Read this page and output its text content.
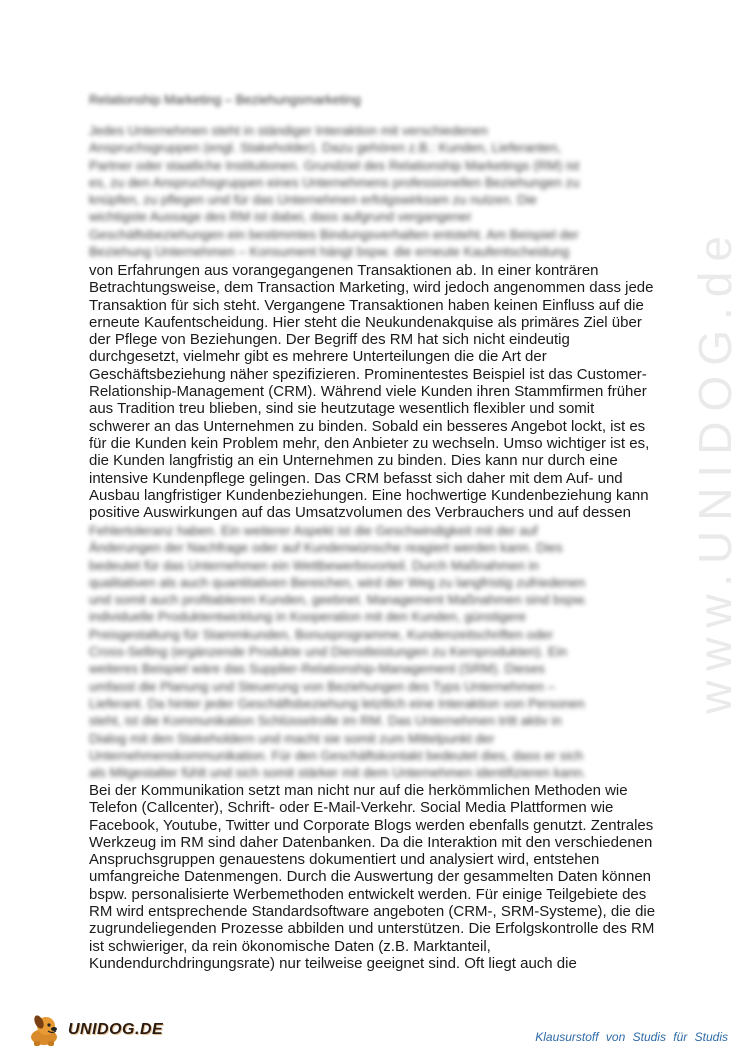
www.UNIDOG.de
Relationship Marketing – Beziehungsmarketing
Jedes Unternehmen steht in ständiger Interaktion mit verschiedenen
Anspruchsgruppen (engl. Stakeholder). Dazu gehören z.B.: Kunden, Lieferanten,
Partner oder staatliche Institutionen. Grundziel des Relationship Marketings (RM) ist
es, zu den Anspruchsgruppen eines Unternehmens professionellen Beziehungen zu
knüpfen, zu pflegen und für das Unternehmen erfolgswirksam zu nutzen. Die
wichtigste Aussage des RM ist dabei, dass aufgrund vergangener
Geschäftsbeziehungen ein bestimmtes Bindungsverhalten entsteht. Am Beispiel der
Beziehung Unternehmen – Konsument hängt bspw. die erneute Kaufentscheidung
von Erfahrungen aus vorangegangenen Transaktionen ab. In einer konträren
Betrachtungsweise, dem Transaction Marketing, wird jedoch angenommen dass jede
Transaktion für sich steht. Vergangene Transaktionen haben keinen Einfluss auf die
erneute Kaufentscheidung. Hier steht die Neukundenakquise als primäres Ziel über
der Pflege von Beziehungen. Der Begriff des RM hat sich nicht eindeutig
durchgesetzt, vielmehr gibt es mehrere Unterteilungen die die Art der
Geschäftsbeziehung näher spezifizieren. Prominentestes Beispiel ist das Customer-
Relationship-Management (CRM). Während viele Kunden ihren Stammfirmen früher
aus Tradition treu blieben, sind sie heutzutage wesentlich flexibler und somit
schwerer an das Unternehmen zu binden. Sobald ein besseres Angebot lockt, ist es
für die Kunden kein Problem mehr, den Anbieter zu wechseln. Umso wichtiger ist es,
die Kunden langfristig an ein Unternehmen zu binden. Dies kann nur durch eine
intensive Kundenpflege gelingen. Das CRM befasst sich daher mit dem Auf- und
Ausbau langfristiger Kundenbeziehungen. Eine hochwertige Kundenbeziehung kann
positive Auswirkungen auf das Umsatzvolumen des Verbrauchers und auf dessen
Fehlertoleranz haben. Ein weiterer Aspekt ist die Geschwindigkeit mit der auf
Änderungen der Nachfrage oder auf Kundenwünsche reagiert werden kann. Dies
bedeutet für das Unternehmen ein Wettbewerbsvorteil. Durch Maßnahmen in
qualitativen als auch quantitativen Bereichen, wird der Weg zu langfristig zufriedenen
und somit auch profitableren Kunden, geebnet. Management Maßnahmen sind bspw.
individuelle Produktentwicklung in Kooperation mit den Kunden, günstigere
Preisgestaltung für Stammkunden, Bonusprogramme, Kundenzeitschriften oder
Cross-Selling (ergänzende Produkte und Dienstleistungen zu Kernprodukten). Ein
weiteres Beispiel wäre das Supplier-Relationship-Management (SRM). Dieses
umfasst die Planung und Steuerung von Beziehungen des Typs Unternehmen –
Lieferant. Da hinter jeder Geschäftsbeziehung letztlich eine Interaktion von Personen
steht, ist die Kommunikation Schlüsselrolle im RM. Das Unternehmen tritt aktiv in
Dialog mit den Stakeholdern und macht sie somit zum Mittelpunkt der
Unternehmenskommunikation. Für den Geschäftskontakt bedeutet dies, dass er sich
als Mitgestalter fühlt und sich somit stärker mit dem Unternehmen identifizieren kann.
Bei der Kommunikation setzt man nicht nur auf die herkömmlichen Methoden wie
Telefon (Callcenter), Schrift- oder E-Mail-Verkehr. Social Media Plattformen wie
Facebook, Youtube, Twitter und Corporate Blogs werden ebenfalls genutzt. Zentrales
Werkzeug im RM sind daher Datenbanken. Da die Interaktion mit den verschiedenen
Anspruchsgruppen genauestens dokumentiert und analysiert wird, entstehen
umfangreiche Datenmengen. Durch die Auswertung der gesammelten Daten können
bspw. personalisierte Werbemethoden entwickelt werden. Für einige Teilgebiete des
RM wird entsprechende Standardsoftware angeboten (CRM-, SRM-Systeme), die die
zugrundeliegenden Prozesse abbilden und unterstützen. Die Erfolgskontrolle des RM
ist schwieriger, da rein ökonomische Daten (z.B. Marktanteil,
Kundendurchdringungsrate) nur teilweise geeignet sind. Oft liegt auch die
UNIDOG.DE	Klausurstoff von Studis für Studis
